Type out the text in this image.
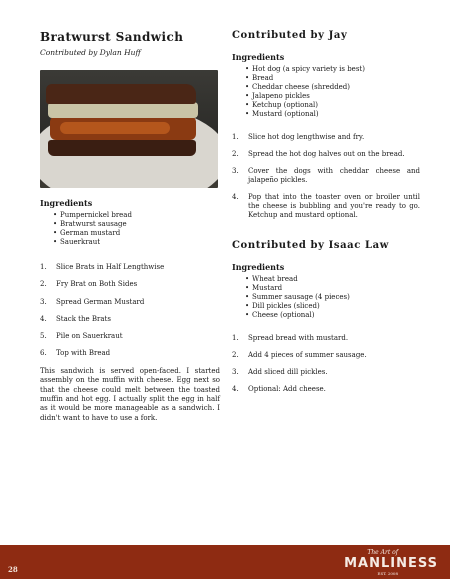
Bratwurst Sandwich

Contributed by Dylan Huff

Ingredients
• Pumpernickel bread
• Bratwurst sausage
• German mustard
• Sauerkraut
1.	Slice Brats in Half Lengthwise
2.	Fry Brat on Both Sides
3.	Spread German Mustard
4.	Stack the Brats
5.	Pile on Sauerkraut
6.	Top with Bread

This sandwich is served open-faced. I started assembly on the muffin with cheese. Egg next so that the cheese could melt between the toasted muffin and hot egg. I actually split the egg in half as it would be more manageable as a sandwich. I didn't want to have to use a fork.

Contributed by Jay
Ingredients
• Hot dog (a spicy variety is best)
• Bread
• Cheddar cheese (shredded)
• Jalapeno pickles
• Ketchup (optional)
• Mustard (optional)
1.	Slice hot dog lengthwise and fry.
2.	Spread the hot dog halves out on the bread.
3.	Cover the dogs with cheddar cheese and jalapeño pickles.
4.	Pop that into the toaster oven or broiler until the cheese is bubbling and you're ready to go. Ketchup and mustard optional.
Contributed by Isaac Law
Ingredients
• Wheat bread
• Mustard
• Summer sausage (4 pieces)
• Dill pickles (sliced)
• Cheese (optional)
1.	Spread bread with mustard.
2.	Add 4 pieces of summer sausage.
3.	Add sliced dill pickles.
4.	Optional: Add cheese.
28
The Art of
MANLINESS
EST. 2008
